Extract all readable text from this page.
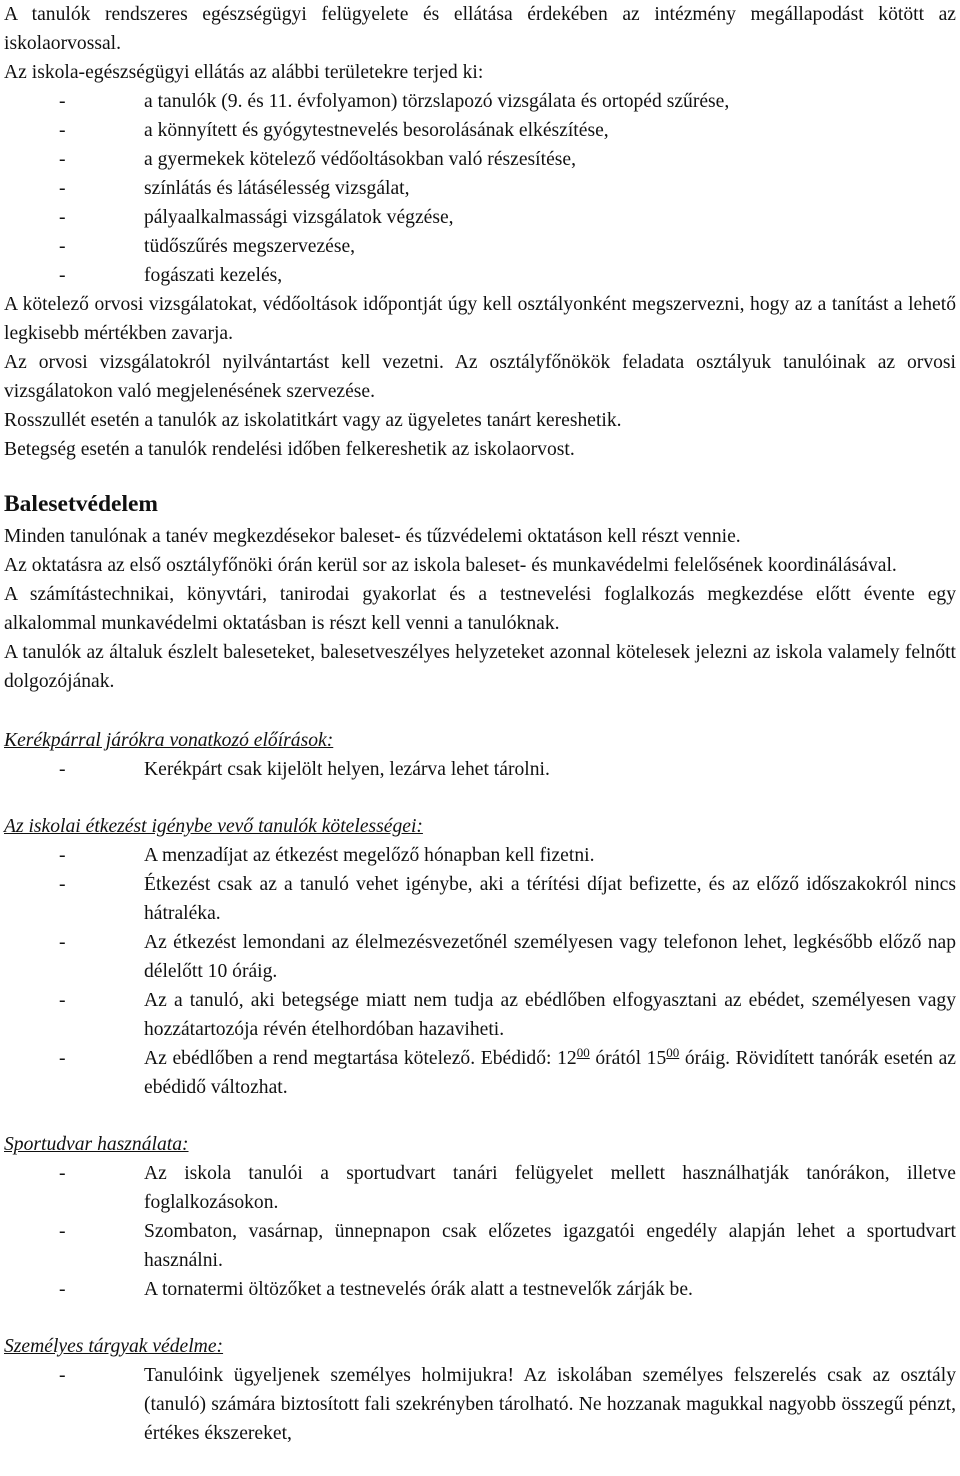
A tanulók rendszeres egészségügyi felügyelete és ellátása érdekében az intézmény megállapodást kötött az iskolaorvossal.

Az iskola-egészségügyi ellátás az alábbi területekre terjed ki:

-	a tanulók (9. és 11. évfolyamon) törzslapozó vizsgálata és ortopéd szűrése,

-	a könnyített és gyógytestnevelés besorolásának elkészítése,

-	a gyermekek kötelező védőoltásokban való részesítése,

-	színlátás és látásélesség vizsgálat,

-	pályaalkalmassági vizsgálatok végzése,

-	tüdőszűrés megszervezése,

-	fogászati kezelés,

A kötelező orvosi vizsgálatokat, védőoltások időpontját úgy kell osztályonként megszervezni, hogy az a tanítást a lehető legkisebb mértékben zavarja.

Az orvosi vizsgálatokról nyilvántartást kell vezetni. Az osztályfőnökök feladata osztályuk tanulóinak az orvosi vizsgálatokon való megjelenésének szervezése.

Rosszullét esetén a tanulók az iskolatitkárt vagy az ügyeletes tanárt kereshetik.

Betegség esetén a tanulók rendelési időben felkereshetik az iskolaorvost.

Balesetvédelem

Minden tanulónak a tanév megkezdésekor baleset- és tűzvédelemi oktatáson kell részt vennie.

Az oktatásra az első osztályfőnöki órán kerül sor az iskola baleset- és munkavédelmi felelősének koordinálásával.

A számítástechnikai, könyvtári, tanirodai gyakorlat és a testnevelési foglalkozás megkezdése előtt évente egy alkalommal munkavédelmi oktatásban is részt kell venni a tanulóknak.

A tanulók az általuk észlelt baleseteket, balesetveszélyes helyzeteket azonnal kötelesek jelezni az iskola valamely felnőtt dolgozójának.

Kerékpárral járókra vonatkozó előírások:

-	Kerékpárt csak kijelölt helyen, lezárva lehet tárolni.

Az iskolai étkezést igénybe vevő tanulók kötelességei:

-	A menzadíjat az étkezést megelőző hónapban kell fizetni.

-	Étkezést csak az a tanuló vehet igénybe, aki a térítési díjat befizette, és az előző időszakokról nincs hátraléka.

-	Az étkezést lemondani az élelmezésvezetőnél személyesen vagy telefonon lehet, legkésőbb előző nap délelőtt 10 óráig.

-	Az a tanuló, aki betegsége miatt nem tudja az ebédlőben elfogyasztani az ebédet, személyesen vagy hozzátartozója révén ételhordóban hazaviheti.

-	Az ebédlőben a rend megtartása kötelező. Ebédidő: $12^{00}$ órától $15^{00}$ óráig. Rövidített tanórák esetén az ebédidő változhat.

Sportudvar használata:

-	Az iskola tanulói a sportudvart tanári felügyelet mellett használhatják tanórákon, illetve foglalkozásokon.

-	Szombaton, vasárnap, ünnepnapon csak előzetes igazgatói engedély alapján lehet a sportudvart használni.

-	A tornatermi öltözőket a testnevelés órák alatt a testnevelők zárják be.

Személyes tárgyak védelme:

-	Tanulóink ügyeljenek személyes holmijukra! Az iskolában személyes felszerelés csak az osztály (tanuló) számára biztosított fali szekrényben tárolható. Ne hozzanak magukkal nagyobb összegű pénzt, értékes ékszereket,
